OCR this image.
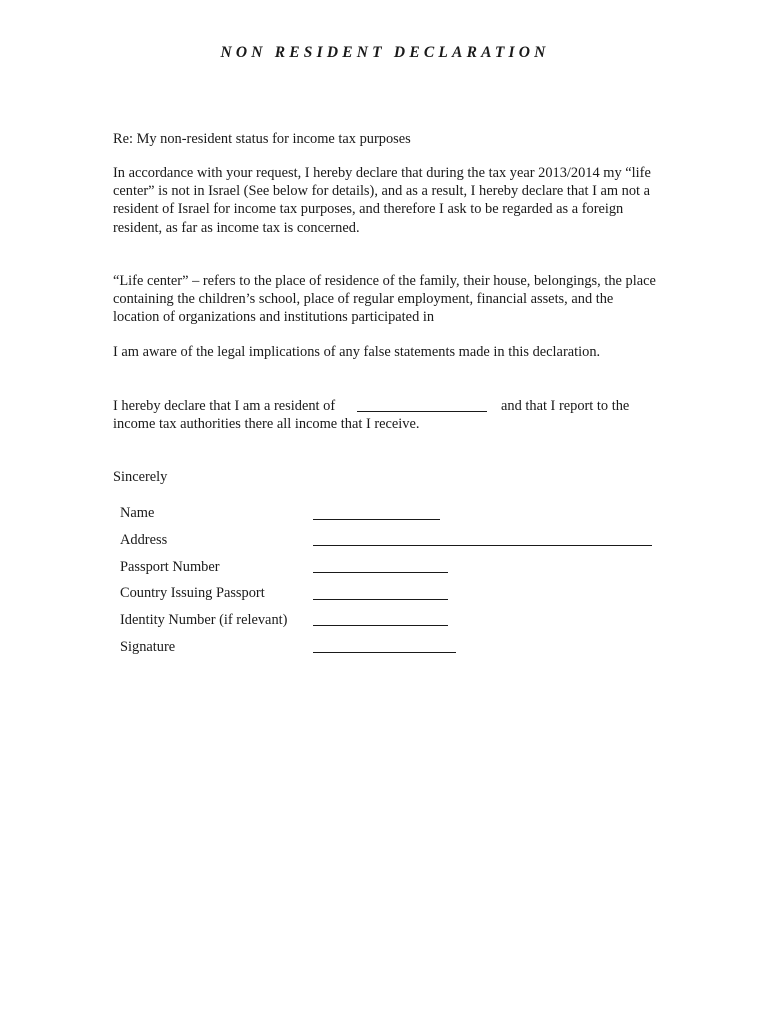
NON RESIDENT DECLARATION

Re: My non-resident status for income tax purposes

In accordance with your request, I hereby declare that during the tax year 2013/2014 my “life center” is not in Israel (See below for details), and as a result, I hereby declare that I am not a resident of Israel for income tax purposes, and therefore I ask to be regarded as a foreign resident, as far as income tax is concerned.

“Life center” – refers to the place of residence of the family, their house, belongings, the place containing the children’s school, place of regular employment, financial assets, and the location of organizations and institutions participated in

I am aware of the legal implications of any false statements made in this declaration.

I hereby declare that I am a resident of	and that I report to the
income tax authorities there all income that I receive.
Sincerely
Name
Address
Passport Number
Country Issuing Passport
Identity Number (if relevant)
Signature
